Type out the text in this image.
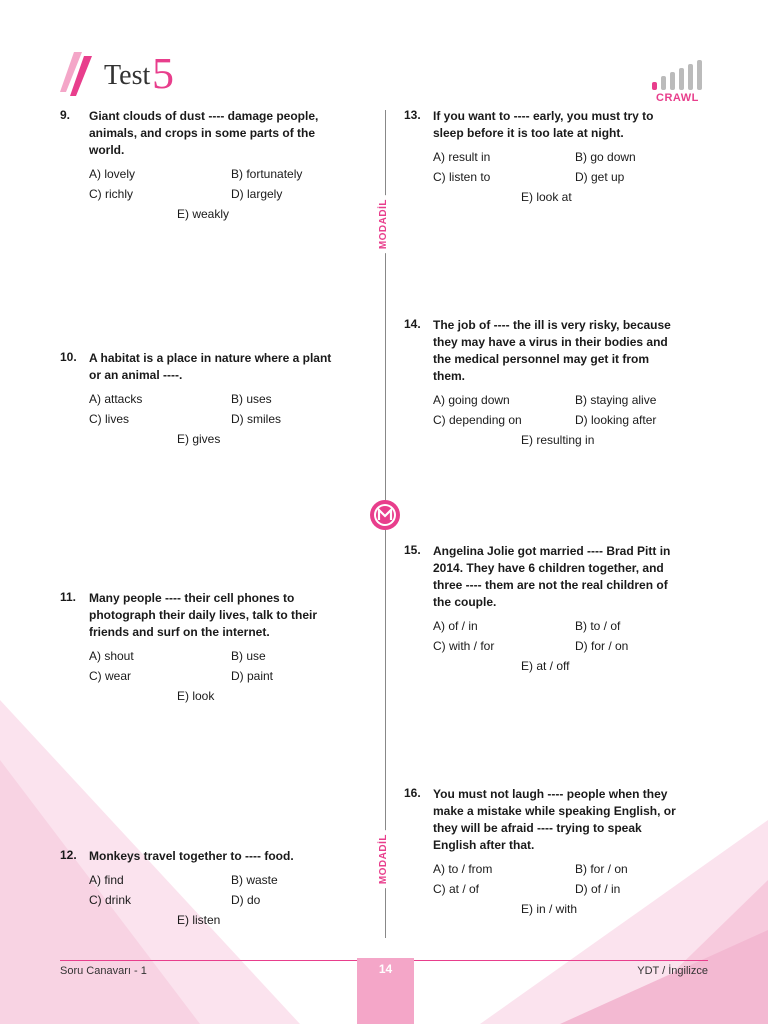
Test 5	CRAWL
MODADİL
MODADİL
9. Giant clouds of dust ---- damage people, animals, and crops in some parts of the world.
A) lovely	B) fortunately
C) richly	D) largely
E) weakly
10. A habitat is a place in nature where a plant or an animal ----.
A) attacks	B) uses
C) lives	D) smiles
E) gives
11. Many people ---- their cell phones to photograph their daily lives, talk to their friends and surf on the internet.
A) shout	B) use
C) wear	D) paint
E) look
12. Monkeys travel together to ---- food.
A) find	B) waste
C) drink	D) do
E) listen
13. If you want to ---- early, you must try to sleep before it is too late at night.
A) result in	B) go down
C) listen to	D) get up
E) look at
14. The job of ---- the ill is very risky, because they may have a virus in their bodies and the medical personnel may get it from them.
A) going down	B) staying alive
C) depending on	D) looking after
E) resulting in
15. Angelina Jolie got married ---- Brad Pitt in 2014. They have 6 children together, and three ---- them are not the real children of the couple.
A) of / in	B) to / of
C) with / for	D) for / on
E) at / off
16. You must not laugh ---- people when they make a mistake while speaking English, or they will be afraid ---- trying to speak English after that.
A) to / from	B) for / on
C) at / of	D) of / in
E) in / with
Soru Canavarı - 1	14	YDT / İngilizce
